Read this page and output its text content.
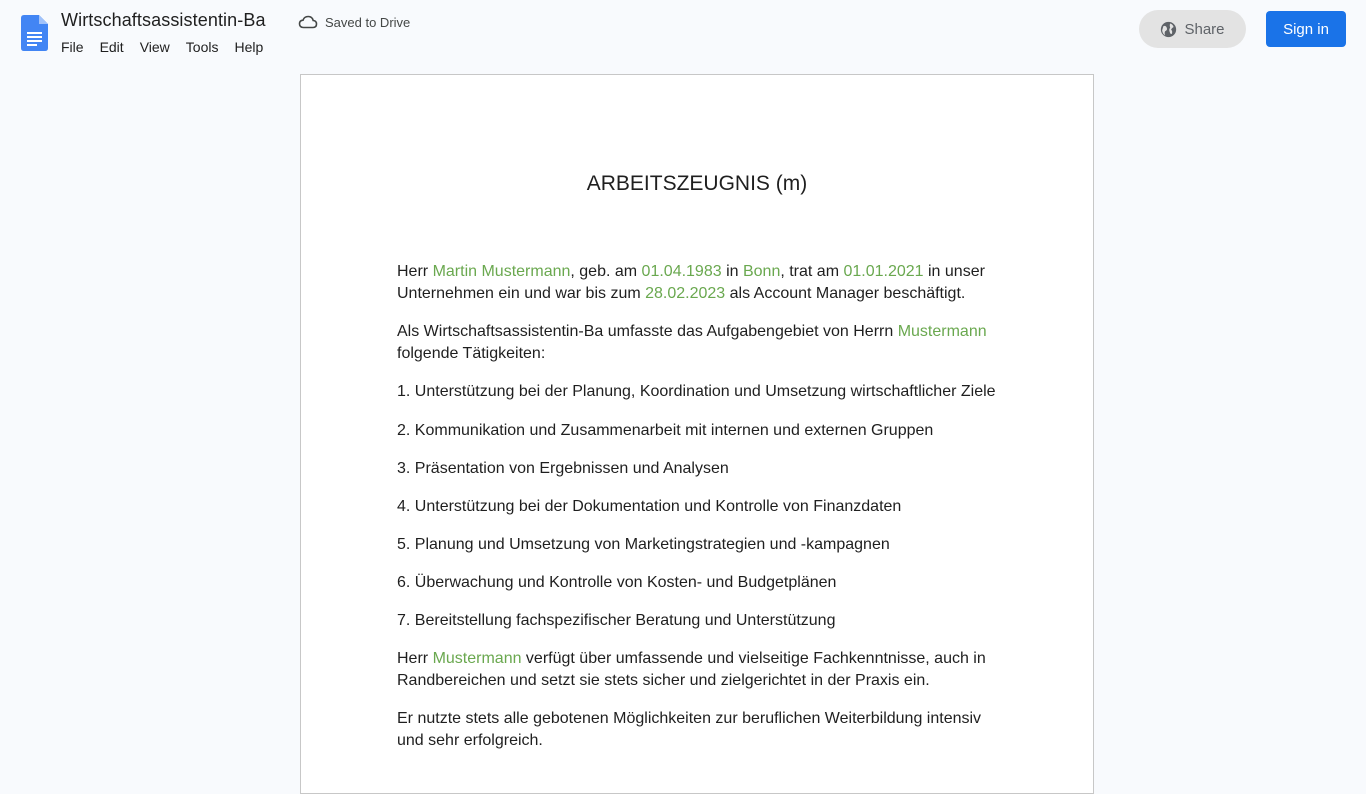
Wirtschaftsassistentin-Ba	Saved to Drive
File	Edit	View	Tools	Help
Share	Sign in
ARBEITSZEUGNIS (m)
Herr Martin Mustermann, geb. am 01.04.1983 in Bonn, trat am 01.01.2021 in unser Unternehmen ein und war bis zum 28.02.2023 als Account Manager beschäftigt.
Als Wirtschaftsassistentin-Ba umfasste das Aufgabengebiet von Herrn Mustermann folgende Tätigkeiten:
1. Unterstützung bei der Planung, Koordination und Umsetzung wirtschaftlicher Ziele
2. Kommunikation und Zusammenarbeit mit internen und externen Gruppen
3. Präsentation von Ergebnissen und Analysen
4. Unterstützung bei der Dokumentation und Kontrolle von Finanzdaten
5. Planung und Umsetzung von Marketingstrategien und -kampagnen
6. Überwachung und Kontrolle von Kosten- und Budgetplänen
7. Bereitstellung fachspezifischer Beratung und Unterstützung
Herr Mustermann verfügt über umfassende und vielseitige Fachkenntnisse, auch in Randbereichen und setzt sie stets sicher und zielgerichtet in der Praxis ein.
Er nutzte stets alle gebotenen Möglichkeiten zur beruflichen Weiterbildung intensiv und sehr erfolgreich.
